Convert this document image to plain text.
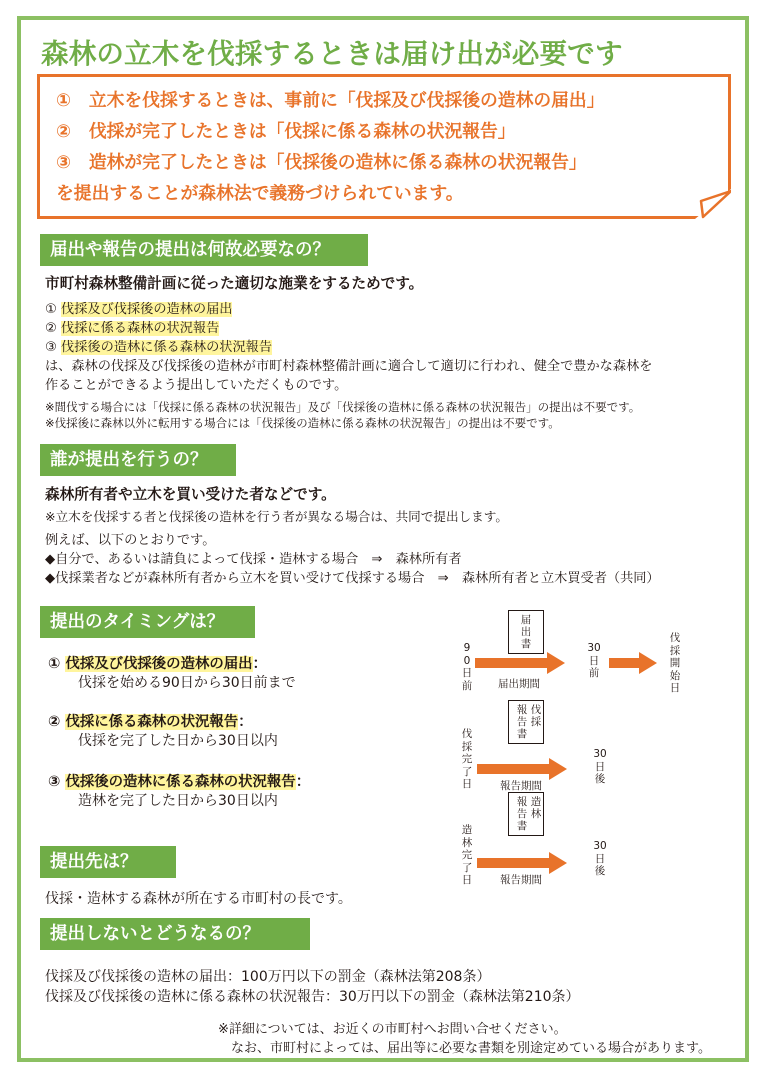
森林の立木を伐採するときは届け出が必要です
①　立木を伐採するときは、事前に「伐採及び伐採後の造林の届出」
②　伐採が完了したときは「伐採に係る森林の状況報告」
③　造林が完了したときは「伐採後の造林に係る森林の状況報告」
を提出することが森林法で義務づけられています。
届出や報告の提出は何故必要なの？
市町村森林整備計画に従った適切な施業をするためです。
① 伐採及び伐採後の造林の届出
② 伐採に係る森林の状況報告
③ 伐採後の造林に係る森林の状況報告
は、森林の伐採及び伐採後の造林が市町村森林整備計画に適合して適切に行われ、健全で豊かな森林を
作ることができるよう提出していただくものです。
※間伐する場合には「伐採に係る森林の状況報告」及び「伐採後の造林に係る森林の状況報告」の提出は不要です。
※伐採後に森林以外に転用する場合には「伐採後の造林に係る森林の状況報告」の提出は不要です。
誰が提出を行うの？
森林所有者や立木を買い受けた者などです。
※立木を伐採する者と伐採後の造林を行う者が異なる場合は、共同で提出します。
例えば、以下のとおりです。
◆自分で、あるいは請負によって伐採・造林する場合　⇒　森林所有者
◆伐採業者などが森林所有者から立木を買い受けて伐採する場合　⇒　森林所有者と立木買受者（共同）
提出のタイミングは？
① 伐採及び伐採後の造林の届出：
伐採を始める90日から30日前まで
② 伐採に係る森林の状況報告：
伐採を完了した日から30日以内
③ 伐採後の造林に係る森林の状況報告：
造林を完了した日から30日以内
届出書
90日前 届出期間
30日前
伐採開始日
伐採
報告書
伐採完了日	報告期間
30日後
造林
報告書
造林完了日	報告期間
30日後
提出先は？
伐採・造林する森林が所在する市町村の長です。
提出しないとどうなるの？
伐採及び伐採後の造林の届出：100万円以下の罰金（森林法第208条）
伐採及び伐採後の造林に係る森林の状況報告：30万円以下の罰金（森林法第210条）
※詳細については、お近くの市町村へお問い合せください。
なお、市町村によっては、届出等に必要な書類を別途定めている場合があります。
